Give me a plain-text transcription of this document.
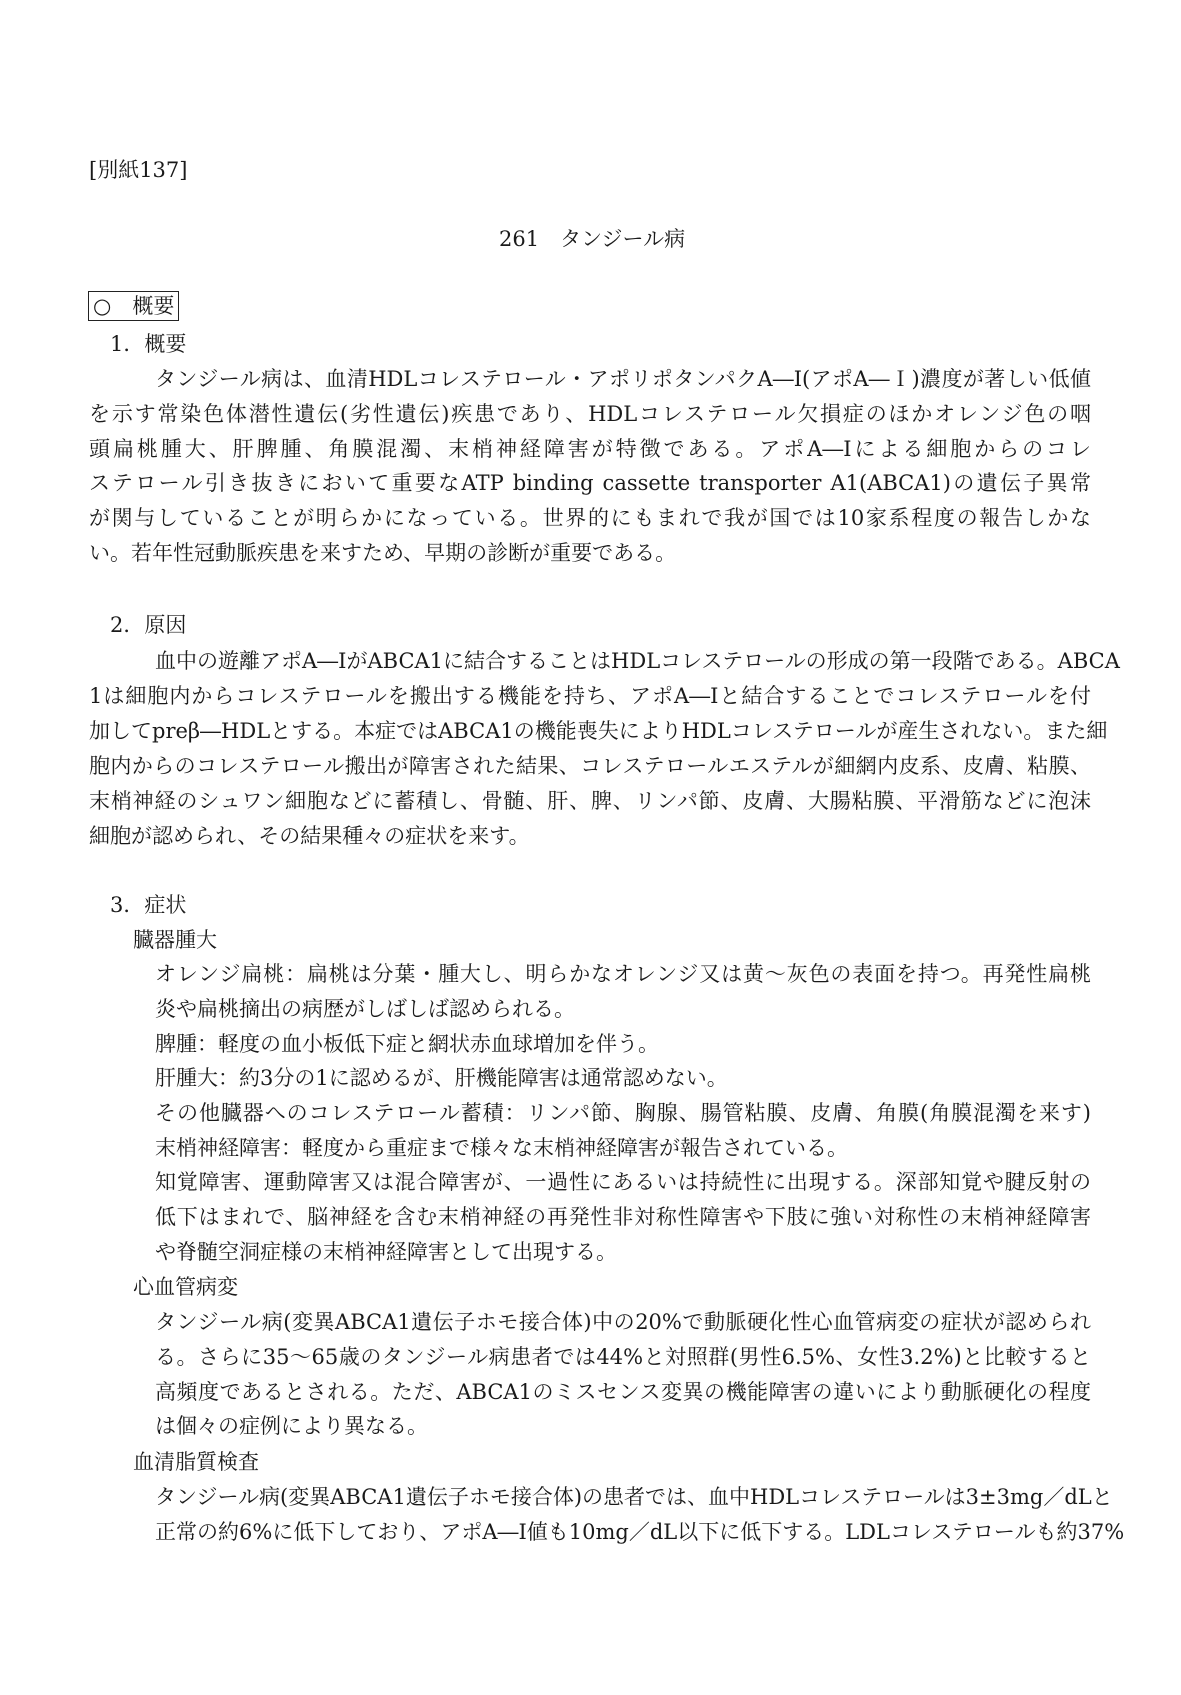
[別紙137]
261　タンジール病
○　概要
1．概要
タンジール病は、血清HDLコレステロール・アポリポタンパクA―I(アポA―Ｉ)濃度が著しい低値
を示す常染色体潜性遺伝(劣性遺伝)疾患であり、HDLコレステロール欠損症のほかオレンジ色の咽
頭扁桃腫大、肝脾腫、角膜混濁、末梢神経障害が特徴である。アポA―Iによる細胞からのコレ
ステロール引き抜きにおいて重要なATP binding cassette transporter A1(ABCA1)の遺伝子異常
が関与していることが明らかになっている。世界的にもまれで我が国では10家系程度の報告しかな
い。若年性冠動脈疾患を来すため、早期の診断が重要である。
2．原因
血中の遊離アポA―IがABCA1に結合することはHDLコレステロールの形成の第一段階である。ABCA
1は細胞内からコレステロールを搬出する機能を持ち、アポA―Iと結合することでコレステロールを付
加してpreβ―HDLとする。本症ではABCA1の機能喪失によりHDLコレステロールが産生されない。また細
胞内からのコレステロール搬出が障害された結果、コレステロールエステルが細網内皮系、皮膚、粘膜、
末梢神経のシュワン細胞などに蓄積し、骨髄、肝、脾、リンパ節、皮膚、大腸粘膜、平滑筋などに泡沫
細胞が認められ、その結果種々の症状を来す。
3．症状
臓器腫大
オレンジ扁桃：扁桃は分葉・腫大し、明らかなオレンジ又は黄～灰色の表面を持つ。再発性扁桃
炎や扁桃摘出の病歴がしばしば認められる。
脾腫：軽度の血小板低下症と網状赤血球増加を伴う。
肝腫大：約3分の1に認めるが、肝機能障害は通常認めない。
その他臓器へのコレステロール蓄積：リンパ節、胸腺、腸管粘膜、皮膚、角膜(角膜混濁を来す)
末梢神経障害：軽度から重症まで様々な末梢神経障害が報告されている。
知覚障害、運動障害又は混合障害が、一過性にあるいは持続性に出現する。深部知覚や腱反射の
低下はまれで、脳神経を含む末梢神経の再発性非対称性障害や下肢に強い対称性の末梢神経障害
や脊髄空洞症様の末梢神経障害として出現する。
心血管病変
タンジール病(変異ABCA1遺伝子ホモ接合体)中の20%で動脈硬化性心血管病変の症状が認められ
る。さらに35～65歳のタンジール病患者では44%と対照群(男性6.5%、女性3.2%)と比較すると
高頻度であるとされる。ただ、ABCA1のミスセンス変異の機能障害の違いにより動脈硬化の程度
は個々の症例により異なる。
血清脂質検査
タンジール病(変異ABCA1遺伝子ホモ接合体)の患者では、血中HDLコレステロールは3±3mg／dLと
正常の約6%に低下しており、アポA―I値も10mg／dL以下に低下する。LDLコレステロールも約37%
